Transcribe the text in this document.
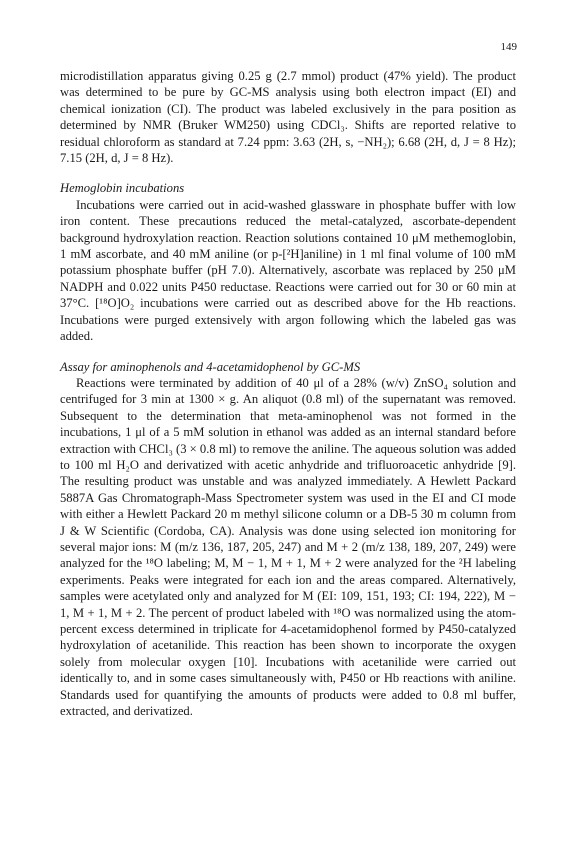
149

microdistillation apparatus giving 0.25 g (2.7 mmol) product (47% yield). The product was determined to be pure by GC-MS analysis using both electron impact (EI) and chemical ionization (CI). The product was labeled exclusively in the para position as determined by NMR (Bruker WM250) using CDCl₃. Shifts are reported relative to residual chloroform as standard at 7.24 ppm: 3.63 (2H, s, −NH₂); 6.68 (2H, d, J = 8 Hz); 7.15 (2H, d, J = 8 Hz).

Hemoglobin incubations

Incubations were carried out in acid-washed glassware in phosphate buffer with low iron content. These precautions reduced the metal-catalyzed, ascorbate-dependent background hydroxylation reaction. Reaction solutions contained 10 μM methemoglobin, 1 mM ascorbate, and 40 mM aniline (or p-[²H]aniline) in 1 ml final volume of 100 mM potassium phosphate buffer (pH 7.0). Alternatively, ascorbate was replaced by 250 μM NADPH and 0.022 units P450 reductase. Reactions were carried out for 30 or 60 min at 37°C. [¹⁸O]O₂ incubations were carried out as described above for the Hb reactions. Incubations were purged extensively with argon following which the labeled gas was added.

Assay for aminophenols and 4-acetamidophenol by GC-MS

Reactions were terminated by addition of 40 μl of a 28% (w/v) ZnSO₄ solution and centrifuged for 3 min at 1300 × g. An aliquot (0.8 ml) of the supernatant was removed. Subsequent to the determination that meta-aminophenol was not formed in the incubations, 1 μl of a 5 mM solution in ethanol was added as an internal standard before extraction with CHCl₃ (3 × 0.8 ml) to remove the aniline. The aqueous solution was added to 100 ml H₂O and derivatized with acetic anhydride and trifluoroacetic anhydride [9]. The resulting product was unstable and was analyzed immediately. A Hewlett Packard 5887A Gas Chromatograph-Mass Spectrometer system was used in the EI and CI mode with either a Hewlett Packard 20 m methyl silicone column or a DB-5 30 m column from J & W Scientific (Cordoba, CA). Analysis was done using selected ion monitoring for several major ions: M (m/z 136, 187, 205, 247) and M + 2 (m/z 138, 189, 207, 249) were analyzed for the ¹⁸O labeling; M, M − 1, M + 1, M + 2 were analyzed for the ²H labeling experiments. Peaks were integrated for each ion and the areas compared. Alternatively, samples were acetylated only and analyzed for M (EI: 109, 151, 193; CI: 194, 222), M − 1, M + 1, M + 2. The percent of product labeled with ¹⁸O was normalized using the atom-percent excess determined in triplicate for 4-acetamidophenol formed by P450-catalyzed hydroxylation of acetanilide. This reaction has been shown to incorporate the oxygen solely from molecular oxygen [10]. Incubations with acetanilide were carried out identically to, and in some cases simultaneously with, P450 or Hb reactions with aniline. Standards used for quantifying the amounts of products were added to 0.8 ml buffer, extracted, and derivatized.
